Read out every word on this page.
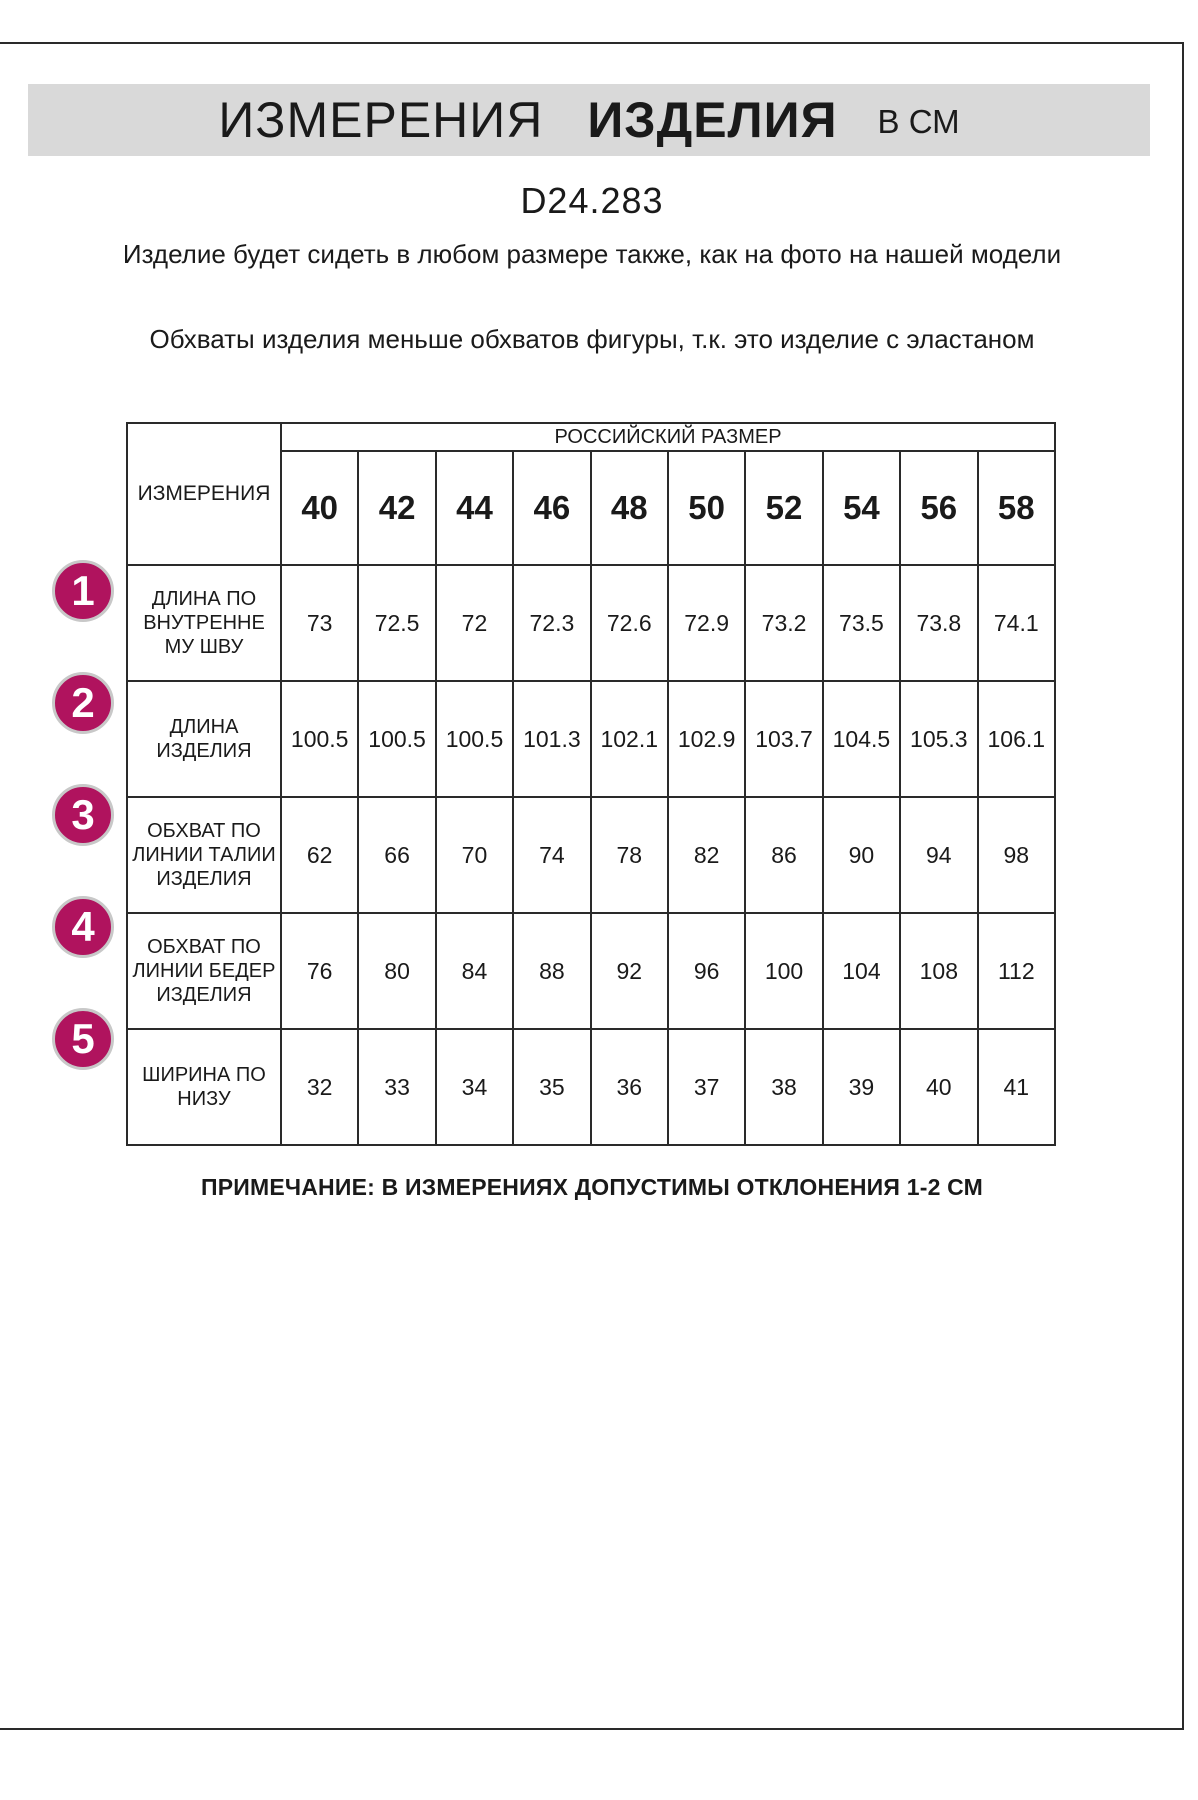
ИЗМЕРЕНИЯ ИЗДЕЛИЯ В СМ
D24.283
Изделие будет сидеть в любом размере также, как на фото на нашей модели
Обхваты изделия меньше обхватов фигуры, т.к. это изделие с эластаном
ИЗМЕРЕНИЯ	РОССИЙСКИЙ РАЗМЕР									
	40	42	44	46	48	50	52	54	56	58
ДЛИНА ПО ВНУТРЕННЕ МУ ШВУ	73	72.5	72	72.3	72.6	72.9	73.2	73.5	73.8	74.1
ДЛИНА ИЗДЕЛИЯ	100.5	100.5	100.5	101.3	102.1	102.9	103.7	104.5	105.3	106.1
ОБХВАТ ПО ЛИНИИ ТАЛИИ ИЗДЕЛИЯ	62	66	70	74	78	82	86	90	94	98
ОБХВАТ ПО ЛИНИИ БЕДЕР ИЗДЕЛИЯ	76	80	84	88	92	96	100	104	108	112
ШИРИНА ПО НИЗУ	32	33	34	35	36	37	38	39	40	41
1
2
3
4
5
ПРИМЕЧАНИЕ: В ИЗМЕРЕНИЯХ ДОПУСТИМЫ ОТКЛОНЕНИЯ 1-2 СМ
